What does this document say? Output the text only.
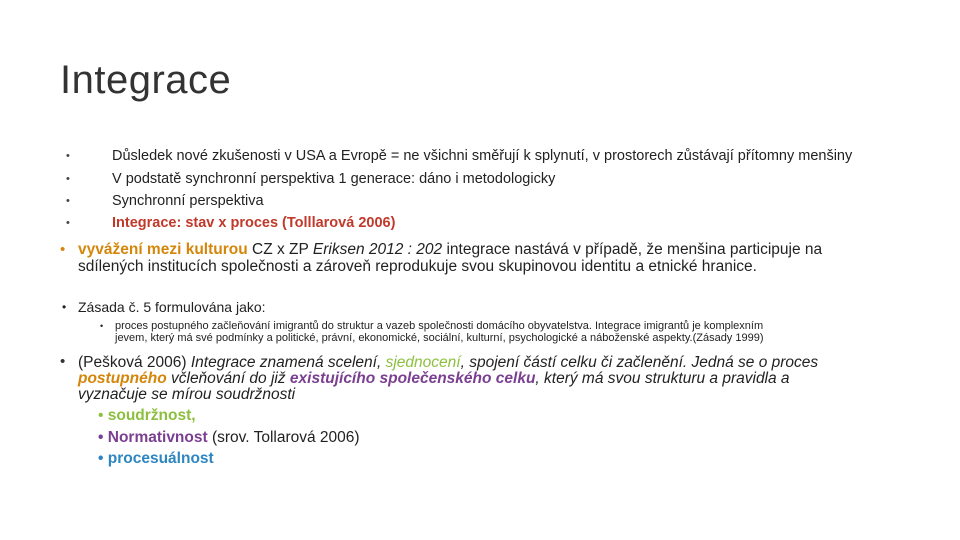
Integrace
•	Důsledek nové zkušenosti v USA a Evropě = ne všichni směřují k splynutí, v prostorech zůstávají přítomny menšiny
•	V podstatě synchronní perspektiva 1 generace: dáno i metodologicky
•	Synchronní perspektiva
•	Integrace: stav x proces (Tolllarová 2006)
• vyvážení mezi kulturou CZ x ZP Eriksen 2012 : 202 integrace nastává v případě, že menšina participuje na
sdílených institucích společnosti a zároveň reprodukuje svou skupinovou identitu a etnické hranice.
• Zásada č. 5 formulována jako:
• proces postupného začleňování imigrantů do struktur a vazeb společnosti domácího obyvatelstva. Integrace imigrantů je komplexním
jevem, který má své podmínky a politické, právní, ekonomické, sociální, kulturní, psychologické a náboženské aspekty.(Zásady 1999)
• (Pešková 2006) Integrace znamená scelení, sjednocení, spojení částí celku či začlenění. Jedná se o proces
postupného včleňování do již existujícího společenského celku, který má svou strukturu a pravidla a
vyznačuje se mírou soudržnosti
• soudržnost,
• Normativnost (srov. Tollarová 2006)
• procesuálnost
